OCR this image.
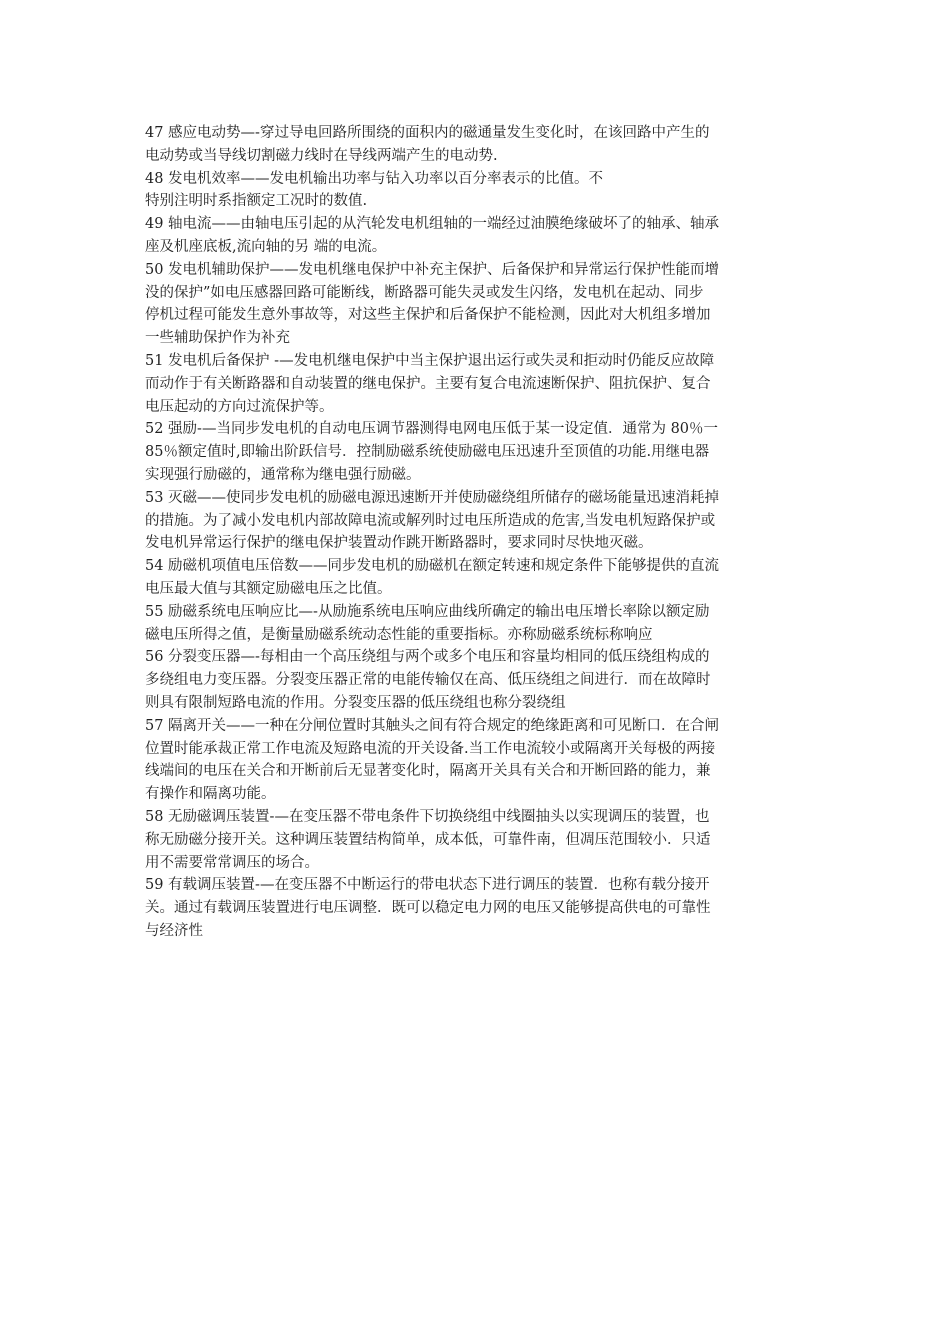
47 感应电动势—-穿过导电回路所围绕的面积内的磁通量发生变化时，在该回路中产生的
电动势或当导线切割磁力线时在导线两端产生的电动势.
48 发电机效率——发电机输出功率与钻入功率以百分率表示的比值。不
特别注明时系指额定工况时的数值.
49 轴电流——由轴电压引起的从汽轮发电机组轴的一端经过油膜绝缘破坏了的轴承、轴承
座及机座底板,流向轴的另 端的电流。
50 发电机辅助保护——发电机继电保护中补充主保护、后备保护和异常运行保护性能而增
没的保护”如电压感器回路可能断线，断路器可能失灵或发生闪络，发电机在起动、同步
停机过程可能发生意外事故等，对这些主保护和后备保护不能检测，因此对大机组多增加
一些辅助保护作为补充
51 发电机后备保护 -—发电机继电保护中当主保护退出运行或失灵和拒动时仍能反应故障
而动作于有关断路器和自动装置的继电保护。主要有复合电流速断保护、阻抗保护、复合
电压起动的方向过流保护等。
52 强励-—当同步发电机的自动电压调节器测得电网电压低于某一设定值．通常为 80％一
85％额定值时,即输出阶跃信号．控制励磁系统使励磁电压迅速升至顶值的功能.用继电器
实现强行励磁的，通常称为继电强行励磁。
53 灭磁——使同步发电机的励磁电源迅速断开并使励磁绕组所储存的磁场能量迅速消耗掉
的措施。为了减小发电机内部故障电流或解列时过电压所造成的危害,当发电机短路保护或
发电机异常运行保护的继电保护装置动作跳开断路器时，要求同时尽快地灭磁。
54 励磁机项值电压倍数——同步发电机的励磁机在额定转速和规定条件下能够提供的直流
电压最大值与其额定励磁电压之比值。
55 励磁系统电压响应比—-从励施系统电压响应曲线所确定的输出电压增长率除以额定励
磁电压所得之值，是衡量励磁系统动态性能的重要指标。亦称励磁系统标称响应
56 分裂变压器—-每相由一个高压绕组与两个或多个电压和容量均相同的低压绕组构成的
多绕组电力变压器。分裂变压器正常的电能传输仅在高、低压绕组之间进行．而在故障时
则具有限制短路电流的作用。分裂变压器的低压绕组也称分裂绕组
57 隔离开关——一种在分闸位置时其触头之间有符合规定的绝缘距离和可见断口．在合闸
位置时能承裁正常工作电流及短路电流的开关设备.当工作电流较小或隔离开关每极的两接
线端间的电压在关合和开断前后无显著变化时，隔离开关具有关合和开断回路的能力，兼
有操作和隔离功能。
58 无励磁调压装置-—在变压器不带电条件下切换绕组中线圈抽头以实现调压的装置，也
称无励磁分接开关。这种调压装置结构简单，成本低，可靠件南，但凋压范围较小．只适
用不需要常常调压的场合。
59 有载调压装置-—在变压器不中断运行的带电状态下进行调压的装置．也称有载分接开
关。通过有载调压装置进行电压调整．既可以稳定电力网的电压又能够提高供电的可靠性
与经济性
